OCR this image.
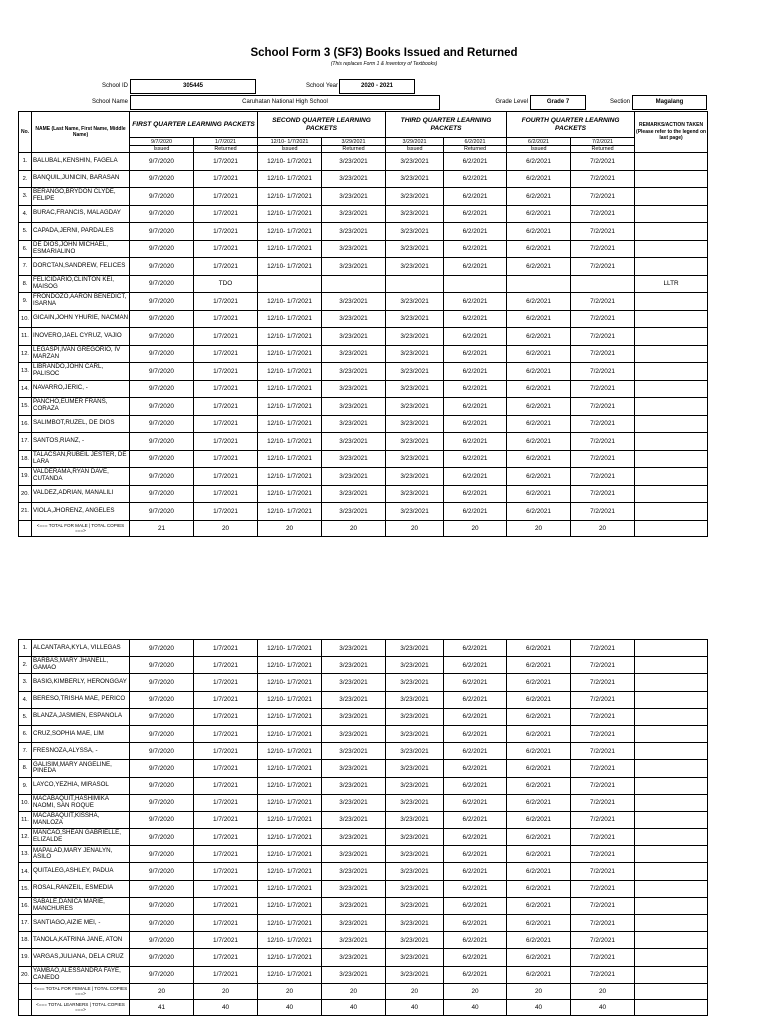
School Form 3 (SF3) Books Issued and Returned
(This replaces Form 1 & Inventory of Textbooks)
School ID	305445	School Year	2020 - 2021
School Name	Caruhatan National High School	Grade Level	Grade 7	Section	Magalang
No.	NAME (Last Name, First Name, Middle Name)	FIRST QUARTER LEARNING PACKETS		SECOND QUARTER LEARNING PACKETS		THIRD QUARTER LEARNING PACKETS		FOURTH QUARTER LEARNING PACKETS		REMARKS/ACTION TAKEN (Please refer to the legend on last page)
		9/7/2020	1/7/2021	12/10- 1/7/2021	3/29/2021	3/29/2021	6/2/2021	6/2/2021	7/2/2021	
		Issued	Returned	Issued	Returned	Issued	Returned	Issued	Returned	
1.	BALUBAL,KENSHIN, FAGELA	9/7/2020	1/7/2021	12/10- 1/7/2021	3/23/2021	3/23/2021	6/2/2021	6/2/2021	7/2/2021	
2.	BANQUIL,JUNICIN, BARASAN	9/7/2020	1/7/2021	12/10- 1/7/2021	3/23/2021	3/23/2021	6/2/2021	6/2/2021	7/2/2021	
3.	BERANGO,BRYDON CLYDE, FELIPE	9/7/2020	1/7/2021	12/10- 1/7/2021	3/23/2021	3/23/2021	6/2/2021	6/2/2021	7/2/2021	
4.	BURAC,FRANCIS, MALAGDAY	9/7/2020	1/7/2021	12/10- 1/7/2021	3/23/2021	3/23/2021	6/2/2021	6/2/2021	7/2/2021	
5.	CAPADA,JERNI, PARDALES	9/7/2020	1/7/2021	12/10- 1/7/2021	3/23/2021	3/23/2021	6/2/2021	6/2/2021	7/2/2021	
6.	DE DIOS,JOHN MICHAEL, ESMARIALINO	9/7/2020	1/7/2021	12/10- 1/7/2021	3/23/2021	3/23/2021	6/2/2021	6/2/2021	7/2/2021	
7.	DORCTAN,SANDREW, FELICES	9/7/2020	1/7/2021	12/10- 1/7/2021	3/23/2021	3/23/2021	6/2/2021	6/2/2021	7/2/2021	
8.	FELICIDARIO,CLINTON KEI, MAISOG	9/7/2020	TDO							LLTR
9.	FRONDOZO,AARON BENEDICT, ISARNA	9/7/2020	1/7/2021	12/10- 1/7/2021	3/23/2021	3/23/2021	6/2/2021	6/2/2021	7/2/2021	
10.	GICAIN,JOHN YHURIE, NACMAN	9/7/2020	1/7/2021	12/10- 1/7/2021	3/23/2021	3/23/2021	6/2/2021	6/2/2021	7/2/2021	
11.	INOVERO,JAEL CYRUZ, VAJIO	9/7/2020	1/7/2021	12/10- 1/7/2021	3/23/2021	3/23/2021	6/2/2021	6/2/2021	7/2/2021	
12.	LEGASPI,IVAN GREGORIO, IV MARZAN	9/7/2020	1/7/2021	12/10- 1/7/2021	3/23/2021	3/23/2021	6/2/2021	6/2/2021	7/2/2021	
13.	LIBRANDO,JOHN CARL, PALISOC	9/7/2020	1/7/2021	12/10- 1/7/2021	3/23/2021	3/23/2021	6/2/2021	6/2/2021	7/2/2021	
14.	NAVARRO,JERIC, -	9/7/2020	1/7/2021	12/10- 1/7/2021	3/23/2021	3/23/2021	6/2/2021	6/2/2021	7/2/2021	
15.	PANCHO,EUMER FRANS, CORAZA	9/7/2020	1/7/2021	12/10- 1/7/2021	3/23/2021	3/23/2021	6/2/2021	6/2/2021	7/2/2021	
16.	SALIMBOT,RUZEL, DE DIOS	9/7/2020	1/7/2021	12/10- 1/7/2021	3/23/2021	3/23/2021	6/2/2021	6/2/2021	7/2/2021	
17.	SANTOS,RIANZ, -	9/7/2020	1/7/2021	12/10- 1/7/2021	3/23/2021	3/23/2021	6/2/2021	6/2/2021	7/2/2021	
18.	TALACSAN,RUBEIL JESTER, DE LARA	9/7/2020	1/7/2021	12/10- 1/7/2021	3/23/2021	3/23/2021	6/2/2021	6/2/2021	7/2/2021	
19.	VALDERAMA,RYAN DAVE, CUTANDA	9/7/2020	1/7/2021	12/10- 1/7/2021	3/23/2021	3/23/2021	6/2/2021	6/2/2021	7/2/2021	
20.	VALDEZ,ADRIAN, MANALILI	9/7/2020	1/7/2021	12/10- 1/7/2021	3/23/2021	3/23/2021	6/2/2021	6/2/2021	7/2/2021	
21.	VIOLA,JHORENZ, ANGELES	9/7/2020	1/7/2021	12/10- 1/7/2021	3/23/2021	3/23/2021	6/2/2021	6/2/2021	7/2/2021	
	<=== TOTAL FOR MALE | TOTAL COPIES ===>	21	20	20	20	20	20	20	20	
1.	ALCANTARA,KYLA, VILLEGAS	9/7/2020	1/7/2021	12/10- 1/7/2021	3/23/2021	3/23/2021	6/2/2021	6/2/2021	7/2/2021	
2.	BARBAS,MARY JHANELL, GAMAO	9/7/2020	1/7/2021	12/10- 1/7/2021	3/23/2021	3/23/2021	6/2/2021	6/2/2021	7/2/2021	
3.	BASIG,KIMBERLY, HERONGGAY	9/7/2020	1/7/2021	12/10- 1/7/2021	3/23/2021	3/23/2021	6/2/2021	6/2/2021	7/2/2021	
4.	BERESO,TRISHA MAE, PERICO	9/7/2020	1/7/2021	12/10- 1/7/2021	3/23/2021	3/23/2021	6/2/2021	6/2/2021	7/2/2021	
5.	BLANZA,JASMIEN, ESPANOLA	9/7/2020	1/7/2021	12/10- 1/7/2021	3/23/2021	3/23/2021	6/2/2021	6/2/2021	7/2/2021	
6.	CRUZ,SOPHIA MAE, LIM	9/7/2020	1/7/2021	12/10- 1/7/2021	3/23/2021	3/23/2021	6/2/2021	6/2/2021	7/2/2021	
7.	FRESNOZA,ALYSSA, -	9/7/2020	1/7/2021	12/10- 1/7/2021	3/23/2021	3/23/2021	6/2/2021	6/2/2021	7/2/2021	
8.	GALISIM,MARY ANGELINE, PINEDA	9/7/2020	1/7/2021	12/10- 1/7/2021	3/23/2021	3/23/2021	6/2/2021	6/2/2021	7/2/2021	
9.	LAYCO,YEZHIA, MIRASOL	9/7/2020	1/7/2021	12/10- 1/7/2021	3/23/2021	3/23/2021	6/2/2021	6/2/2021	7/2/2021	
10.	MACABAQUIT,HASHIMIKA NAOMI, SAN ROQUE	9/7/2020	1/7/2021	12/10- 1/7/2021	3/23/2021	3/23/2021	6/2/2021	6/2/2021	7/2/2021	
11.	MACABAQUIT,KISSHA, MANLOZA	9/7/2020	1/7/2021	12/10- 1/7/2021	3/23/2021	3/23/2021	6/2/2021	6/2/2021	7/2/2021	
12.	MANCAO,SHEAN GABRIELLE, ELIZALDE	9/7/2020	1/7/2021	12/10- 1/7/2021	3/23/2021	3/23/2021	6/2/2021	6/2/2021	7/2/2021	
13.	MAPALAD,MARY JENALYN, ASILO	9/7/2020	1/7/2021	12/10- 1/7/2021	3/23/2021	3/23/2021	6/2/2021	6/2/2021	7/2/2021	
14.	QUITALEG,ASHLEY, PADUA	9/7/2020	1/7/2021	12/10- 1/7/2021	3/23/2021	3/23/2021	6/2/2021	6/2/2021	7/2/2021	
15.	ROSAL,RANZEIL, ESMEDIA	9/7/2020	1/7/2021	12/10- 1/7/2021	3/23/2021	3/23/2021	6/2/2021	6/2/2021	7/2/2021	
16.	SABALE,DANICA MARIE, MANCHURES	9/7/2020	1/7/2021	12/10- 1/7/2021	3/23/2021	3/23/2021	6/2/2021	6/2/2021	7/2/2021	
17.	SANTIAGO,AIZIE MEI, -	9/7/2020	1/7/2021	12/10- 1/7/2021	3/23/2021	3/23/2021	6/2/2021	6/2/2021	7/2/2021	
18.	TANOLA,KATRINA JANE, ATON	9/7/2020	1/7/2021	12/10- 1/7/2021	3/23/2021	3/23/2021	6/2/2021	6/2/2021	7/2/2021	
19.	VARGAS,JULIANA, DELA CRUZ	9/7/2020	1/7/2021	12/10- 1/7/2021	3/23/2021	3/23/2021	6/2/2021	6/2/2021	7/2/2021	
20.	YAMBAO,ALESSANDRA FAYE, CANEDO	9/7/2020	1/7/2021	12/10- 1/7/2021	3/23/2021	3/23/2021	6/2/2021	6/2/2021	7/2/2021	
	<=== TOTAL FOR FEMALE | TOTAL COPIES ===>	20	20	20	20	20	20	20	20	
	<=== TOTAL LEARNERS | TOTAL COPIES ===>	41	40	40	40	40	40	40	40	
